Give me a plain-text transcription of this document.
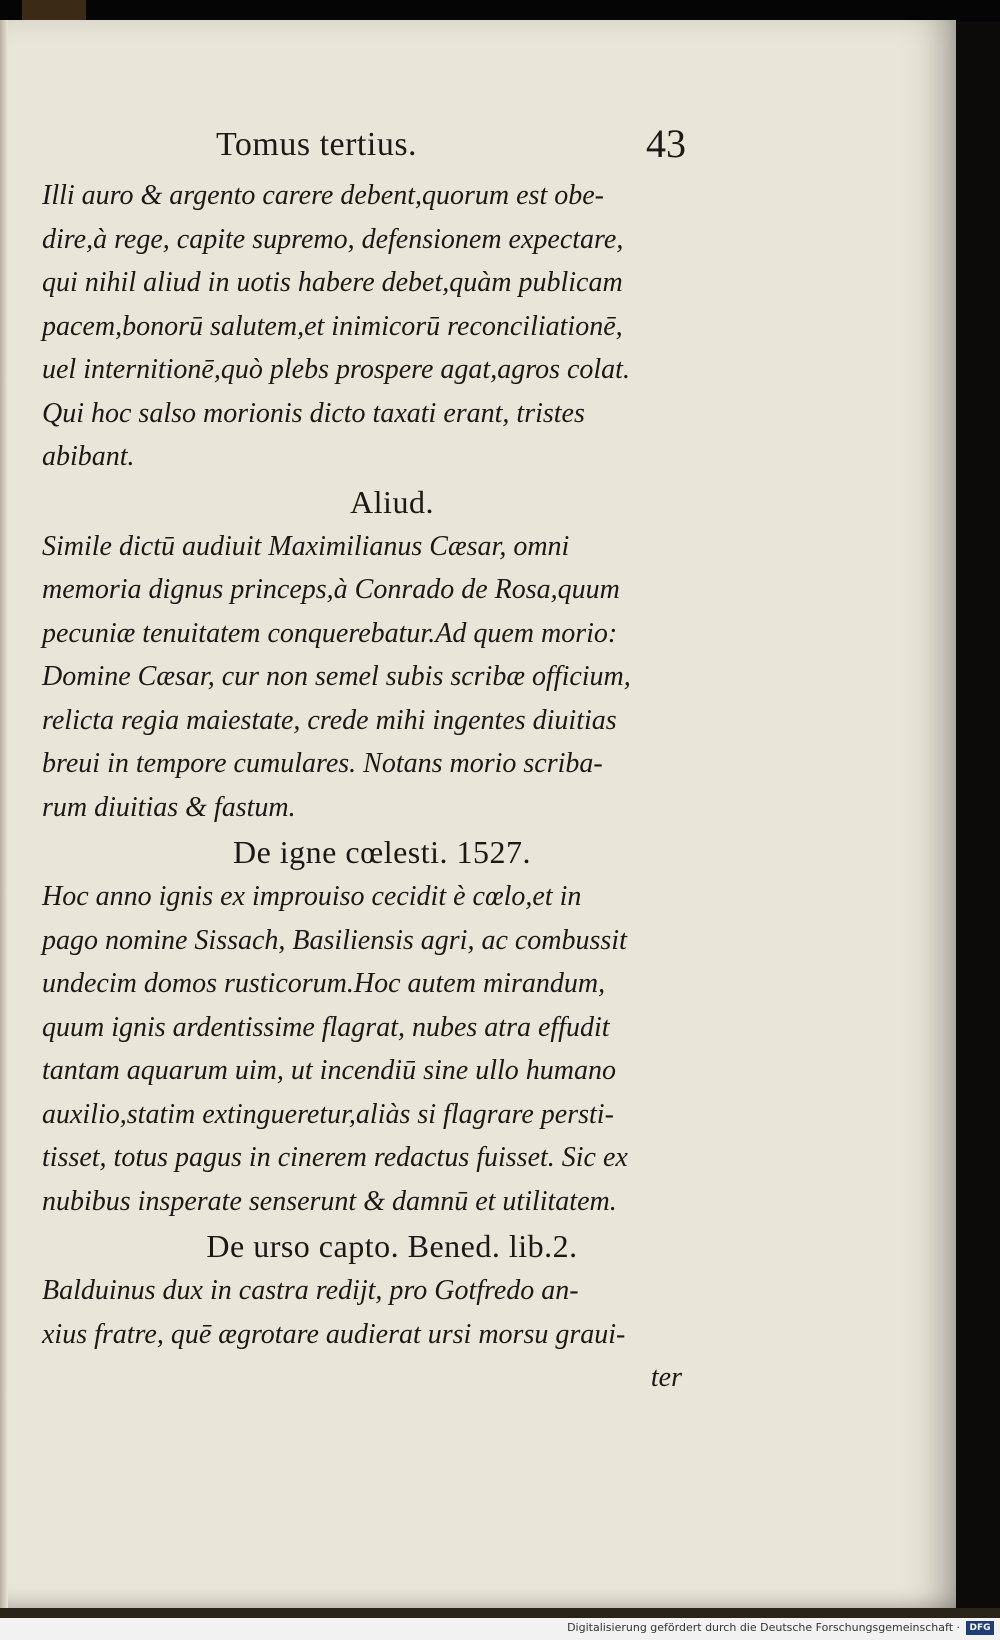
Tomus tertius.	43
Illi auro & argento carere debent,quorum est obe-
dire,à rege, capite supremo, defensionem expectare,
qui nihil aliud in uotis habere debet,quàm publicam
pacem,bonorū salutem,et inimicorū reconciliationē,
uel internitionē,quò plebs prospere agat,agros colat.
Qui hoc salso morionis dicto taxati erant, tristes
abibant.
Aliud.
Simile dictū audiuit Maximilianus Cæsar, omni
memoria dignus princeps,à Conrado de Rosa,quum
pecuniæ tenuitatem conquerebatur.Ad quem morio:
Domine Cæsar, cur non semel subis scribæ officium,
relicta regia maiestate, crede mihi ingentes diuitias
breui in tempore cumulares. Notans morio scriba-
rum diuitias & fastum.
De igne cœlesti. 1527.
Hoc anno ignis ex improuiso cecidit è cœlo,et in
pago nomine Sissach, Basiliensis agri, ac combussit
undecim domos rusticorum.Hoc autem mirandum,
quum ignis ardentissime flagrat, nubes atra effudit
tantam aquarum uim, ut incendiū sine ullo humano
auxilio,statim extingueretur,aliàs si flagrare persti-
tisset, totus pagus in cinerem redactus fuisset. Sic ex
nubibus insperate senserunt & damnū et utilitatem.
De urso capto. Bened. lib.2.
Balduinus dux in castra rediјt, pro Gotfredo an-
xius fratre, quē ægrotare audierat ursi morsu graui-
ter
Digitalisierung gefördert durch die Deutsche Forschungsgemeinschaft ·	DFG
